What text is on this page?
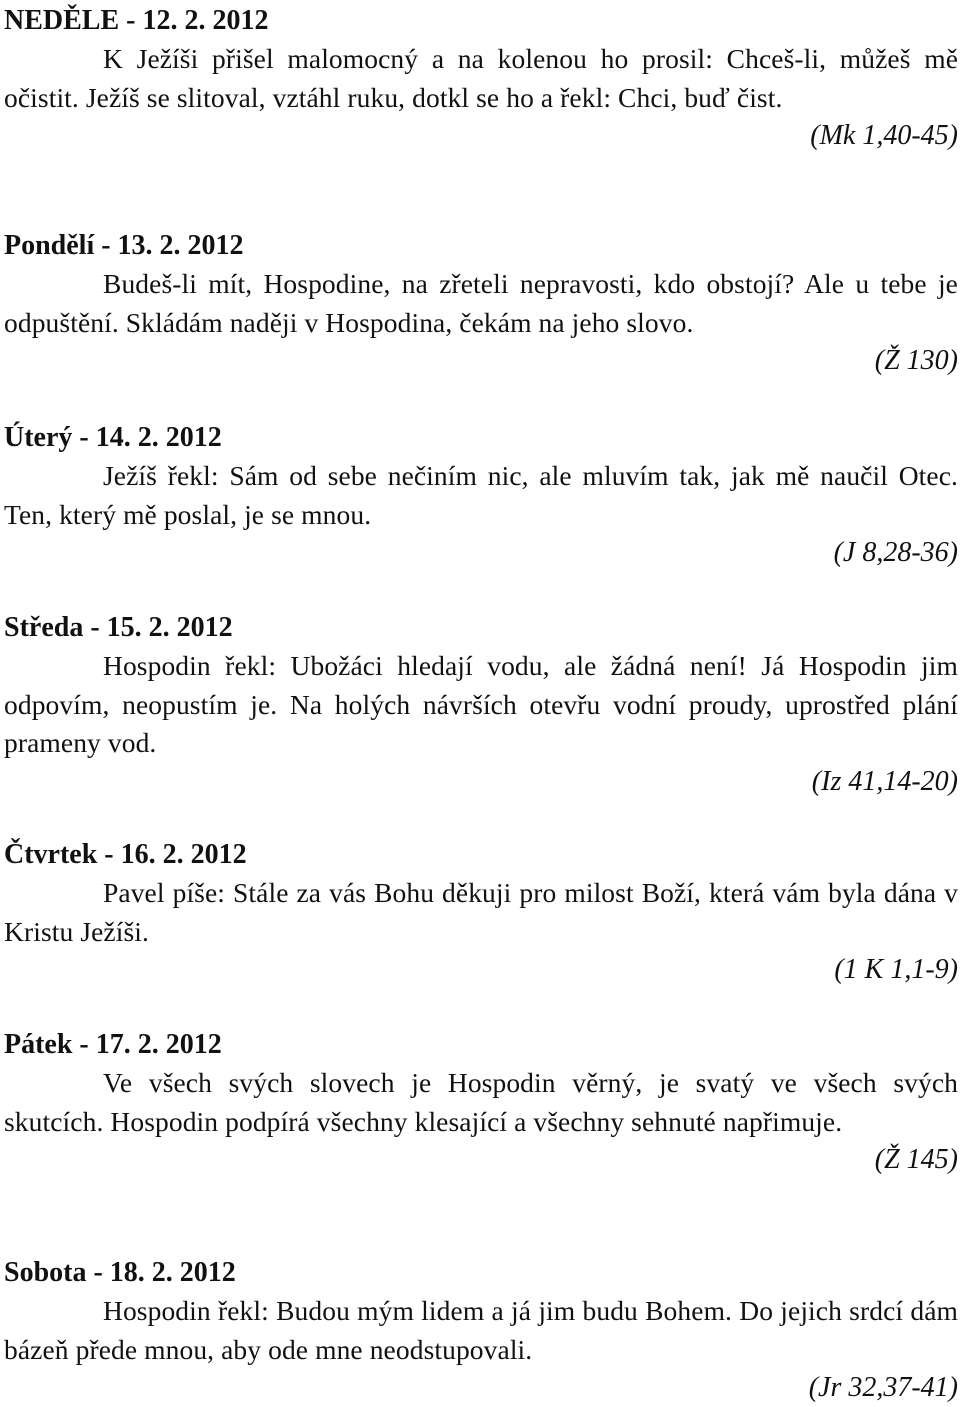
NEDĚLE - 12. 2. 2012

K Ježíši přišel malomocný a na kolenou ho prosil: Chceš-li, můžeš mě očistit. Ježíš se slitoval, vztáhl ruku, dotkl se ho a řekl: Chci, buď čist.

(Mk 1,40-45)

Pondělí - 13. 2. 2012

Budeš-li mít, Hospodine, na zřeteli nepravosti, kdo obstojí? Ale u tebe je odpuštění. Skládám naději v Hospodina, čekám na jeho slovo.

(Ž 130)

Úterý - 14. 2. 2012

Ježíš řekl: Sám od sebe nečiním nic, ale mluvím tak, jak mě naučil Otec. Ten, který mě poslal, je se mnou.

(J 8,28-36)

Středa - 15. 2. 2012

Hospodin řekl: Ubožáci hledají vodu, ale žádná není! Já Hospodin jim odpovím, neopustím je. Na holých návrších otevřu vodní proudy, uprostřed plání prameny vod.

(Iz 41,14-20)

Čtvrtek - 16. 2. 2012

Pavel píše: Stále za vás Bohu děkuji pro milost Boží, která vám byla dána v Kristu Ježíši.

(1 K 1,1-9)

Pátek - 17. 2. 2012

Ve všech svých slovech je Hospodin věrný, je svatý ve všech svých skutcích. Hospodin podpírá všechny klesající a všechny sehnuté napřimuje.

(Ž 145)

Sobota - 18. 2. 2012

Hospodin řekl: Budou mým lidem a já jim budu Bohem. Do jejich srdcí dám bázeň přede mnou, aby ode mne neodstupovali.

(Jr 32,37-41)
